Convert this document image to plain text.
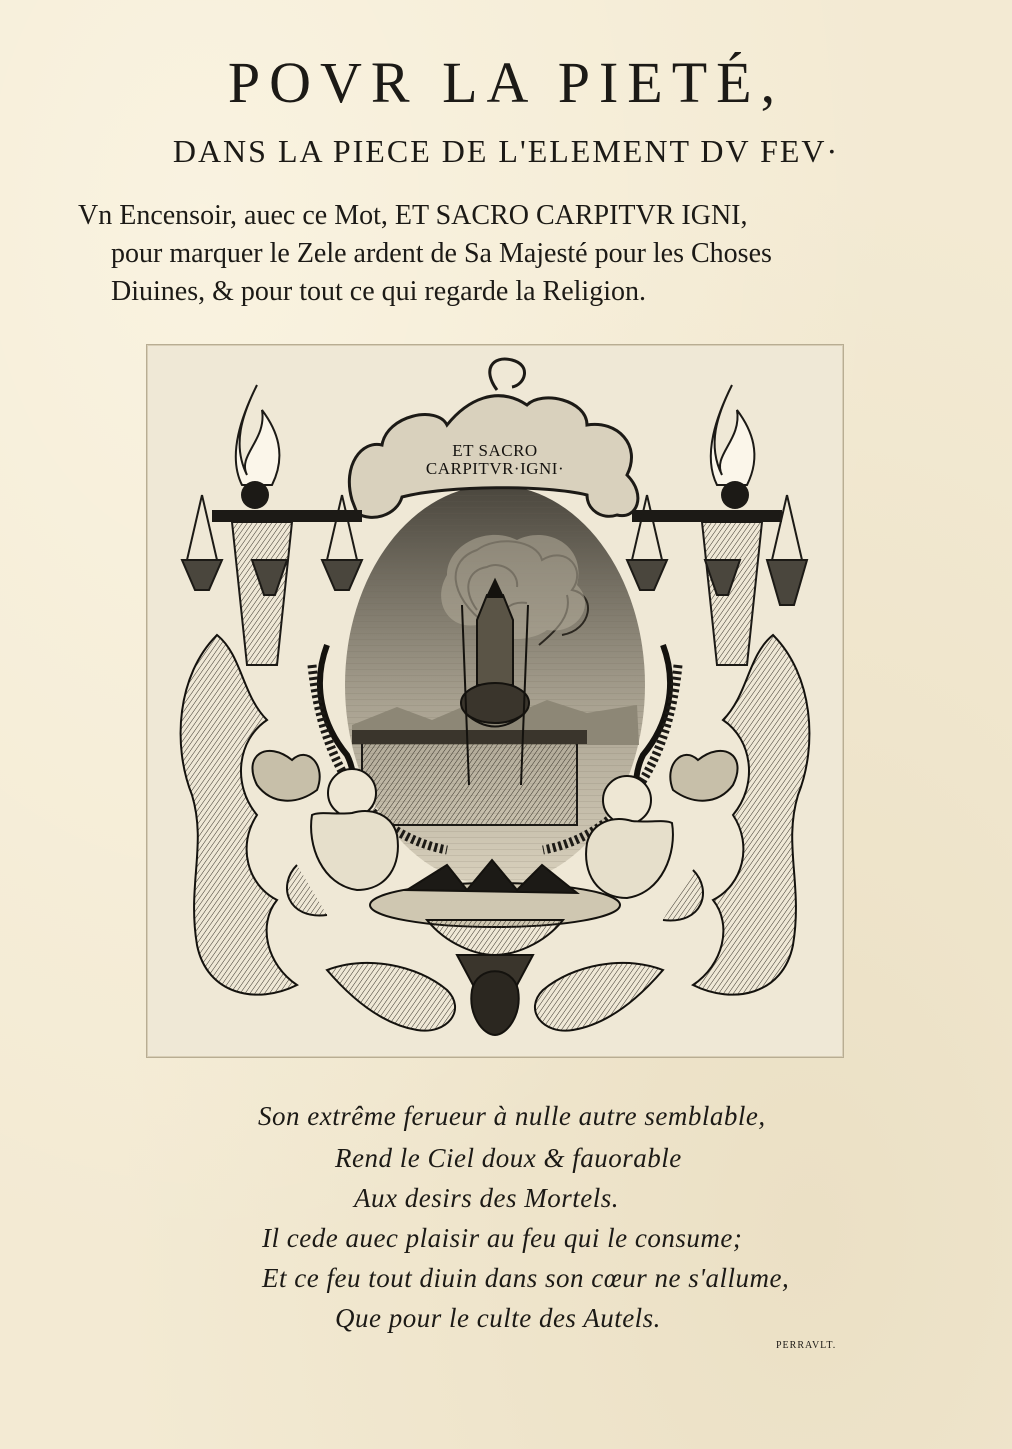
POVR LA PIETÉ,
DANS LA PIECE DE L'ELEMENT DV FEV·

Vn Encensoir, auec ce Mot, ET SACRO CARPITVR IGNI,
pour marquer le Zele ardent de Sa Majesté pour les Choses
Diuines, & pour tout ce qui regarde la Religion.

ET SACRO
CARPITVR·IGNI·
Son extrême ferueur à nulle autre semblable,
Rend le Ciel doux & fauorable
Aux desirs des Mortels.
Il cede auec plaisir au feu qui le consume;
Et ce feu tout diuin dans son cœur ne s'allume,
Que pour le culte des Autels.
PERRAVLT.
